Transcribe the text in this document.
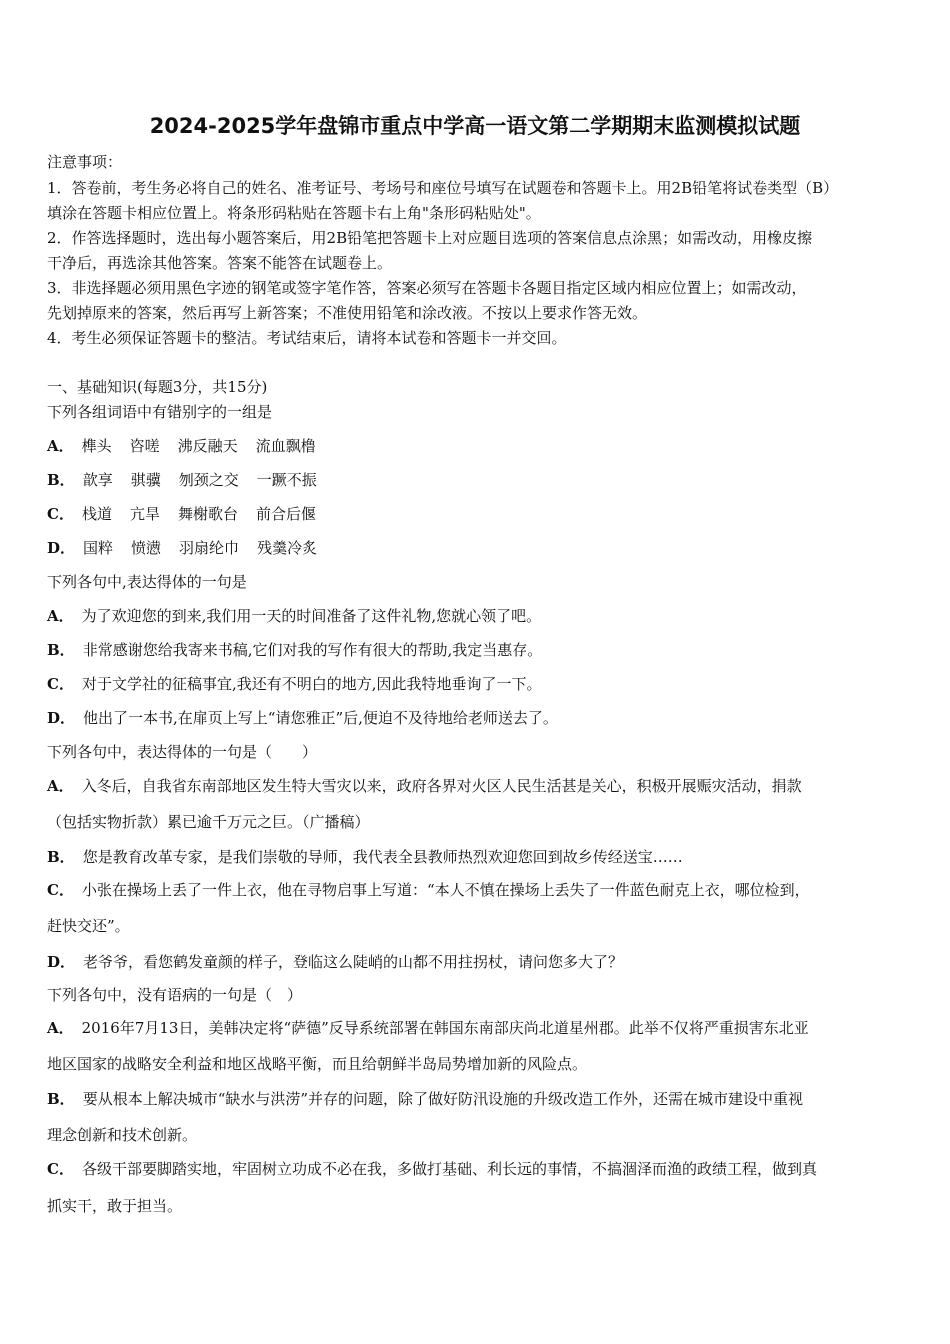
2024-2025学年盘锦市重点中学高一语文第二学期期末监测模拟试题
注意事项：
1．答卷前，考生务必将自己的姓名、准考证号、考场号和座位号填写在试题卷和答题卡上。用2B铅笔将试卷类型（B）
填涂在答题卡相应位置上。将条形码粘贴在答题卡右上角"条形码粘贴处"。
2．作答选择题时，选出每小题答案后，用2B铅笔把答题卡上对应题目选项的答案信息点涂黑；如需改动，用橡皮擦
干净后，再选涂其他答案。答案不能答在试题卷上。
3．非选择题必须用黑色字迹的钢笔或签字笔作答，答案必须写在答题卡各题目指定区域内相应位置上；如需改动，
先划掉原来的答案，然后再写上新答案；不准使用铅笔和涂改液。不按以上要求作答无效。
4．考生必须保证答题卡的整洁。考试结束后，请将本试卷和答题卡一并交回。
一、基础知识(每题3分，共15分)
下列各组词语中有错别字的一组是
A． 榫头 咨嗟 沸反融天 流血飘橹
B． 歆享 骐骥 刎颈之交 一蹶不振
C． 栈道 亢旱 舞榭歌台 前合后偃
D． 国粹 愤懑 羽扇纶巾 残羹冷炙
下列各句中,表达得体的一句是
A． 为了欢迎您的到来,我们用一天的时间准备了这件礼物,您就心领了吧。
B． 非常感谢您给我寄来书稿,它们对我的写作有很大的帮助,我定当惠存。
C． 对于文学社的征稿事宜,我还有不明白的地方,因此我特地垂询了一下。
D． 他出了一本书,在扉页上写上“请您雅正”后,便迫不及待地给老师送去了。
下列各句中，表达得体的一句是（　　）
A． 入冬后，自我省东南部地区发生特大雪灾以来，政府各界对火区人民生活甚是关心，积极开展赈灾活动，捐款
（包括实物折款）累已逾千万元之巨。（广播稿）
B． 您是教育改革专家，是我们崇敬的导师，我代表全县教师热烈欢迎您回到故乡传经送宝……
C． 小张在操场上丢了一件上衣，他在寻物启事上写道：“本人不慎在操场上丢失了一件蓝色耐克上衣，哪位检到，
赶快交还”。
D． 老爷爷，看您鹤发童颜的样子，登临这么陡峭的山都不用拄拐杖，请问您多大了？
下列各句中，没有语病的一句是（　）
A． 2016年7月13日，美韩决定将“萨德”反导系统部署在韩国东南部庆尚北道星州郡。此举不仅将严重损害东北亚
地区国家的战略安全利益和地区战略平衡，而且给朝鲜半岛局势增加新的风险点。
B． 要从根本上解决城市“缺水与洪涝”并存的问题，除了做好防汛设施的升级改造工作外，还需在城市建设中重视
理念创新和技术创新。
C． 各级干部要脚踏实地，牢固树立功成不必在我，多做打基础、利长远的事情，不搞涸泽而渔的政绩工程，做到真
抓实干，敢于担当。
